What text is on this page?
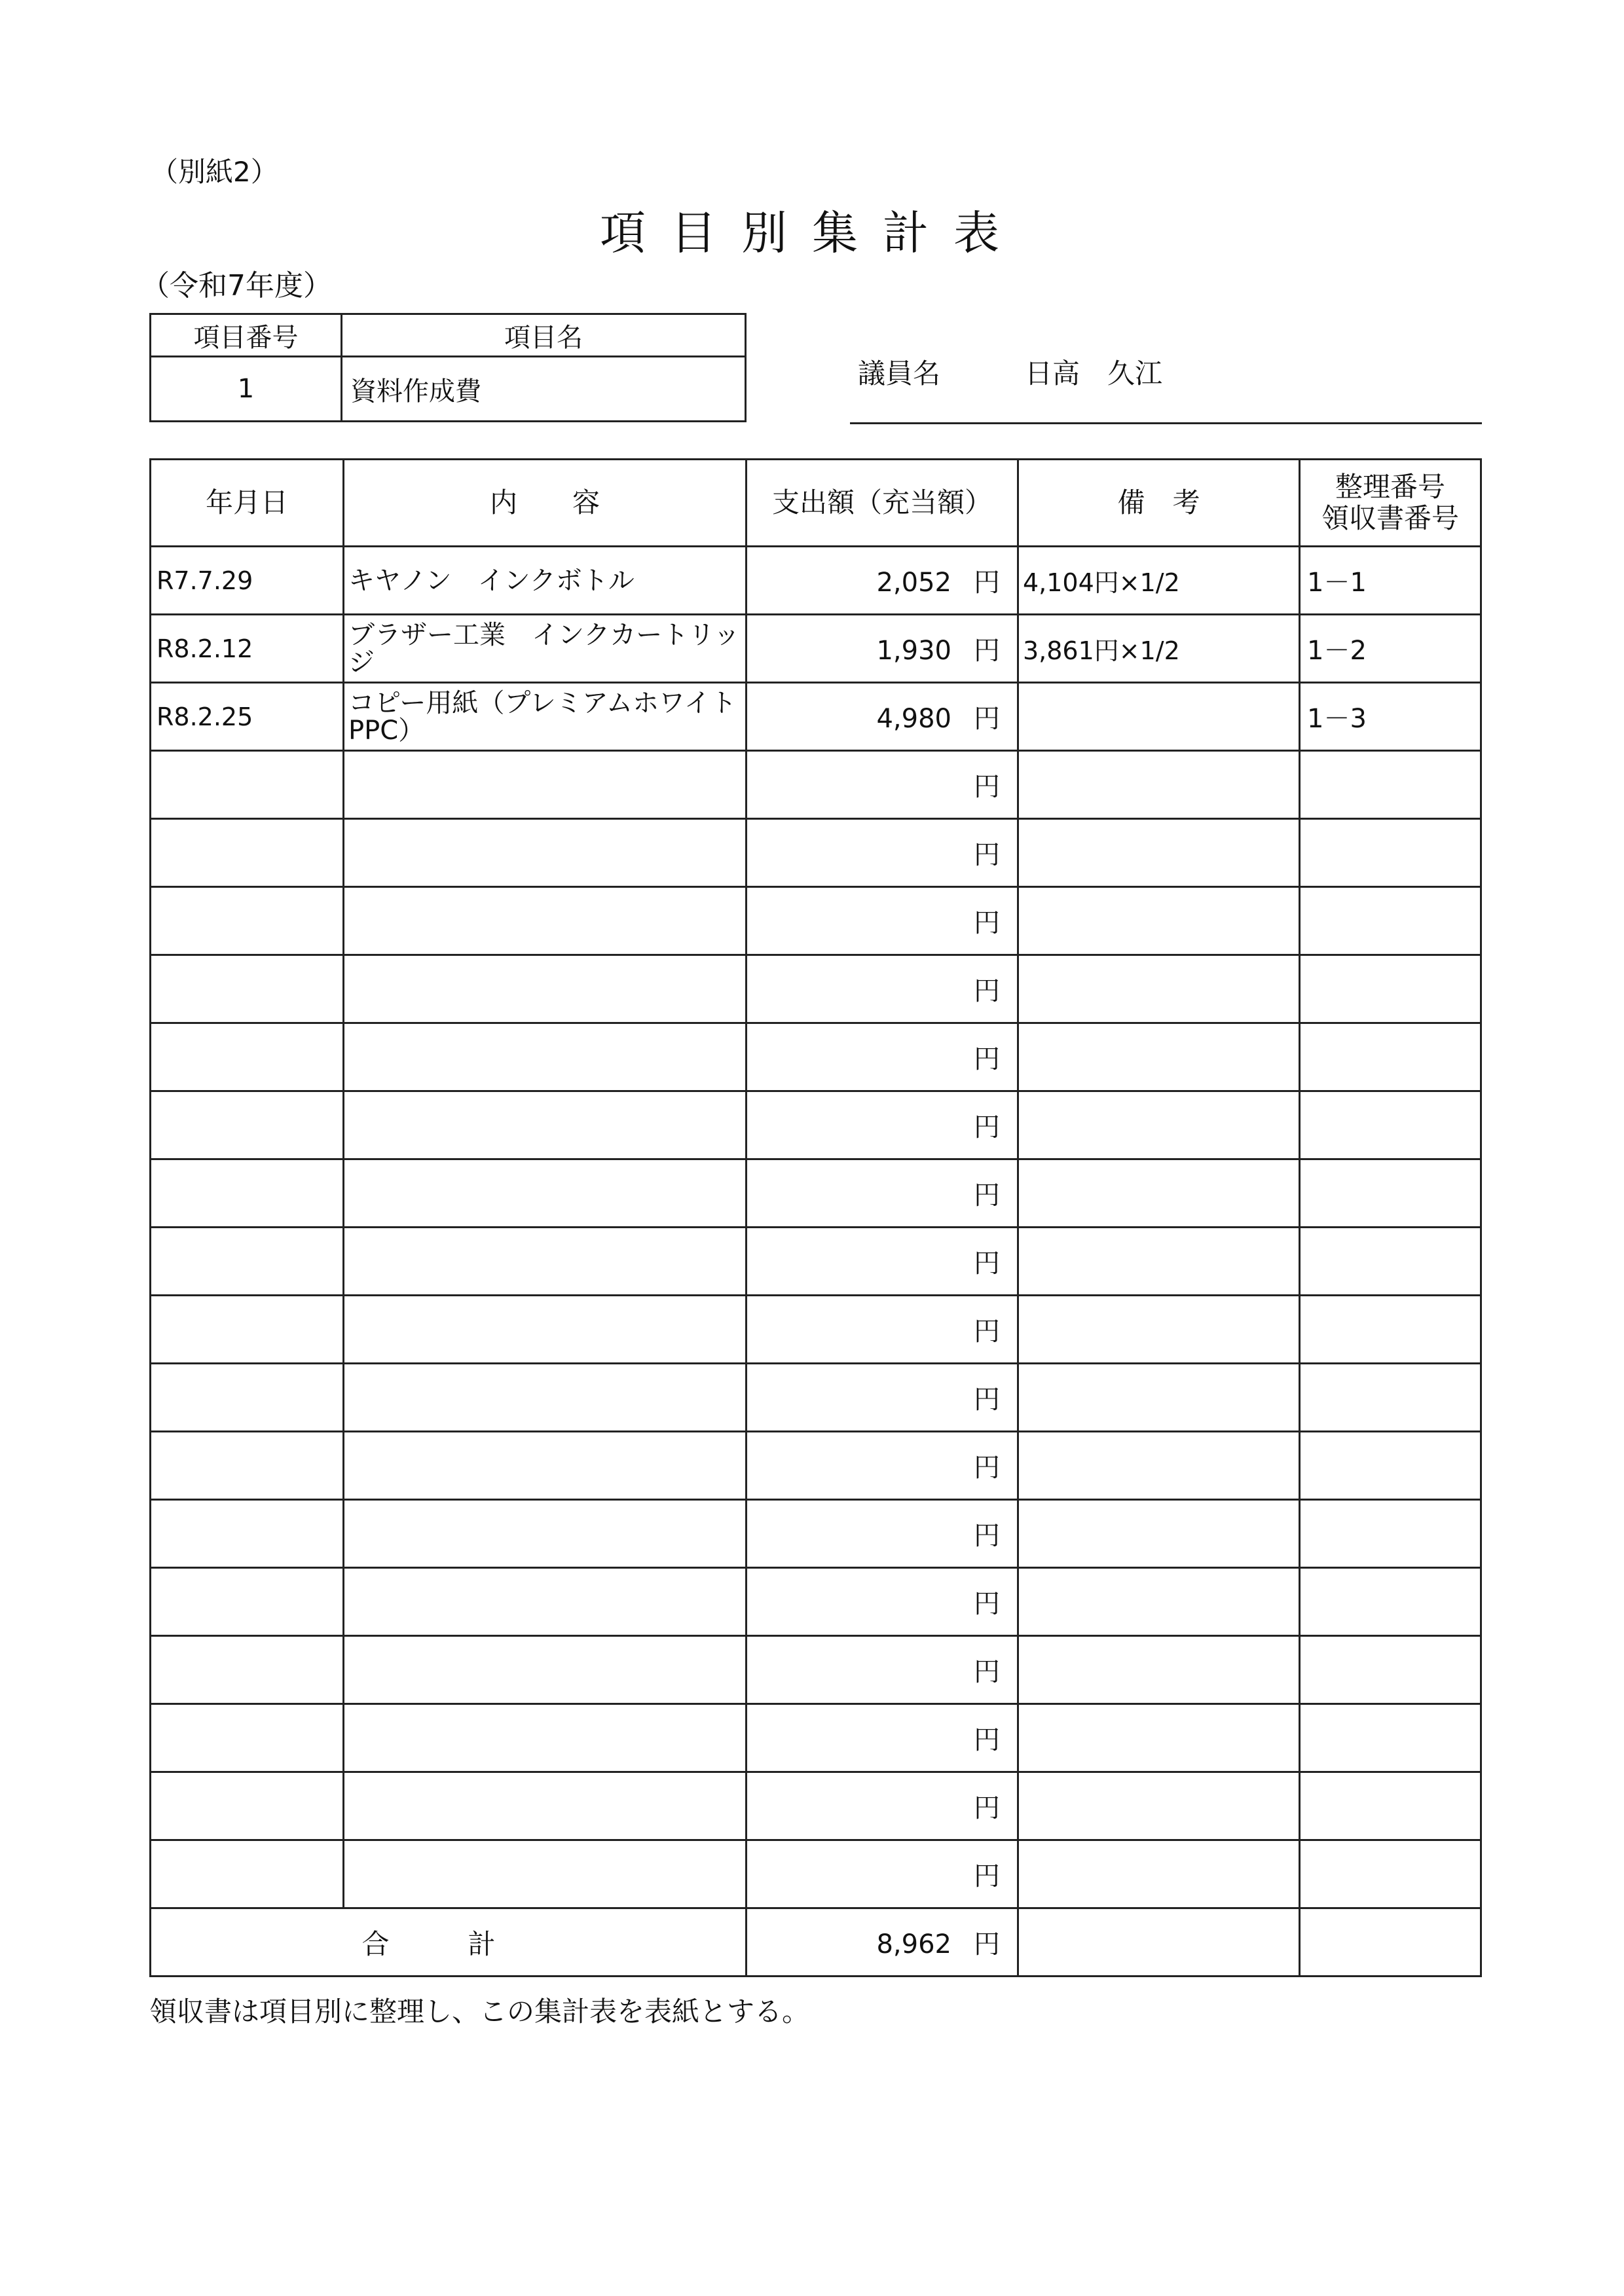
（別紙2）
項目別集計表
（令和7年度）
項目番号	項目名
1	資料作成費
議員名	日高　久江
年月日	内　　容	支出額（充当額）	備　考	整理番号
領収書番号

R7.7.29	キヤノン　インクボトル	2,052 円	4,104円×1/2	1－1
R8.2.12	ブラザー工業　インクカートリッジ	1,930 円	3,861円×1/2	1－2
R8.2.25	コピー用紙（プレミアムホワイトPPC）	4,980 円		1－3
		円		
		円		
		円		
		円		
		円		
		円		
		円		
		円		
		円		
		円		
		円		
		円		
		円		
		円		
		円		
		円		
		円		
合計		8,962 円		
領収書は項目別に整理し、この集計表を表紙とする。
